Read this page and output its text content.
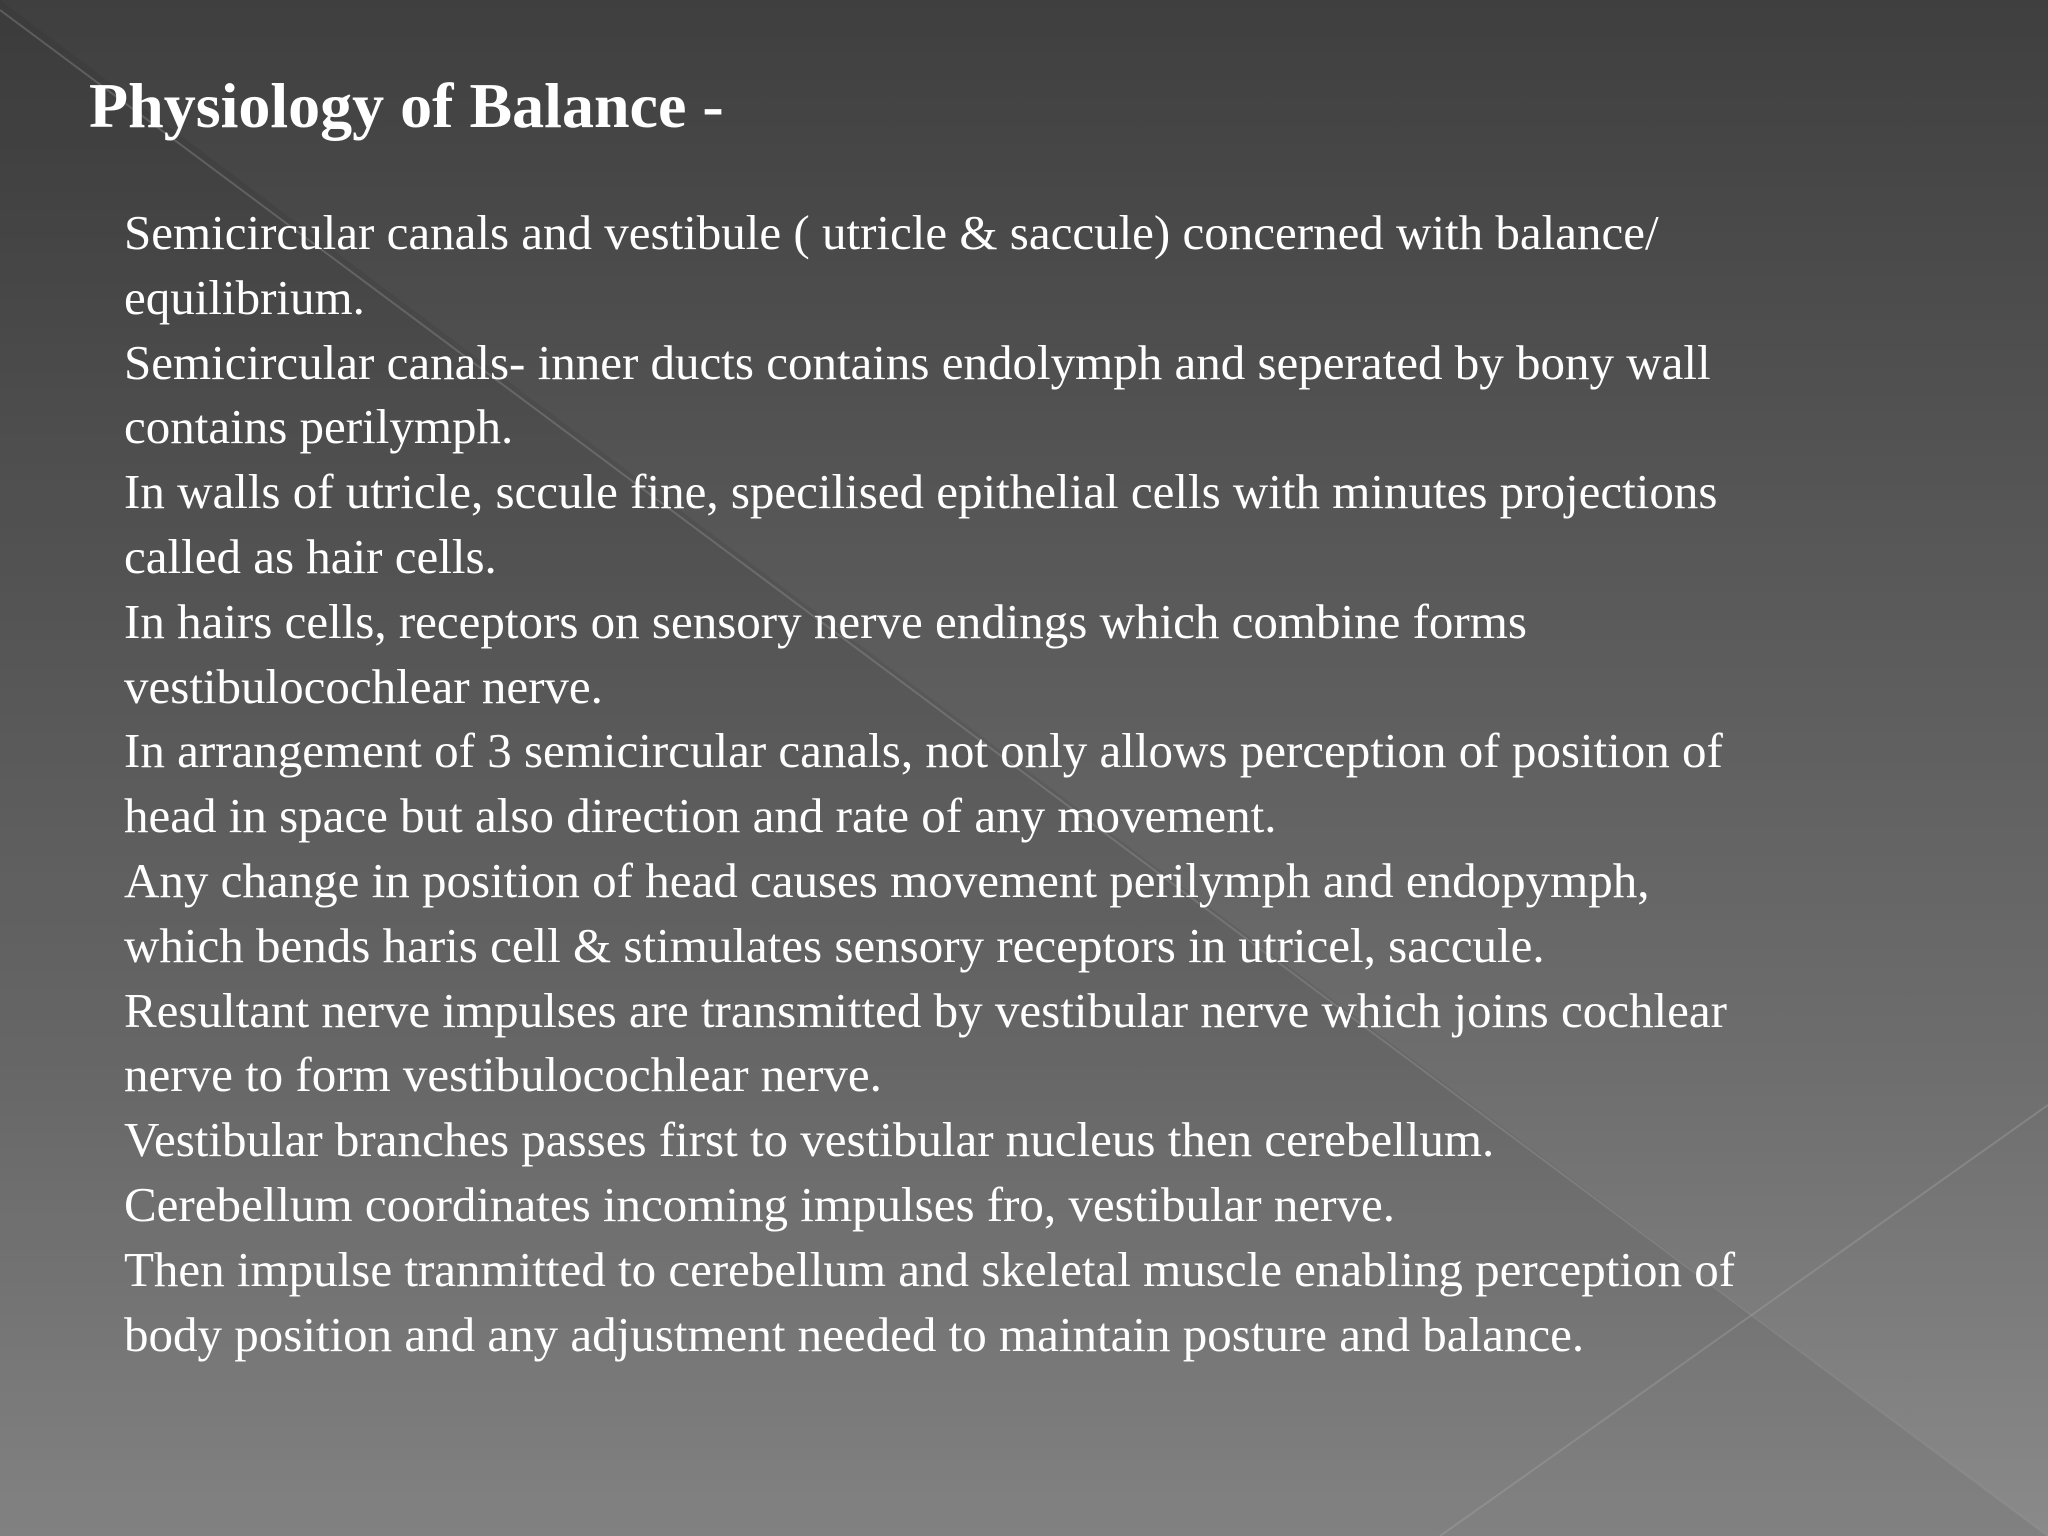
Physiology of Balance -

Semicircular canals and vestibule ( utricle & saccule) concerned with balance/
equilibrium.

Semicircular canals- inner ducts contains endolymph and seperated by bony wall
contains perilymph.

In walls of utricle, sccule fine, specilised epithelial cells with minutes projections
called as hair cells.

In hairs cells, receptors on sensory nerve endings which combine forms
vestibulocochlear nerve.

In arrangement of 3 semicircular canals, not only allows perception of position of
head in space but also direction and rate of any movement.

Any change in position of head causes movement perilymph and endopymph,
which bends haris cell & stimulates sensory receptors in utricel, saccule.

Resultant nerve impulses are transmitted by vestibular nerve which joins cochlear
nerve to form vestibulocochlear nerve.

Vestibular branches passes first to vestibular nucleus then cerebellum.

Cerebellum coordinates incoming impulses fro, vestibular nerve.

Then impulse tranmitted to cerebellum and skeletal muscle enabling perception of
body position and any adjustment needed to maintain posture and balance.
